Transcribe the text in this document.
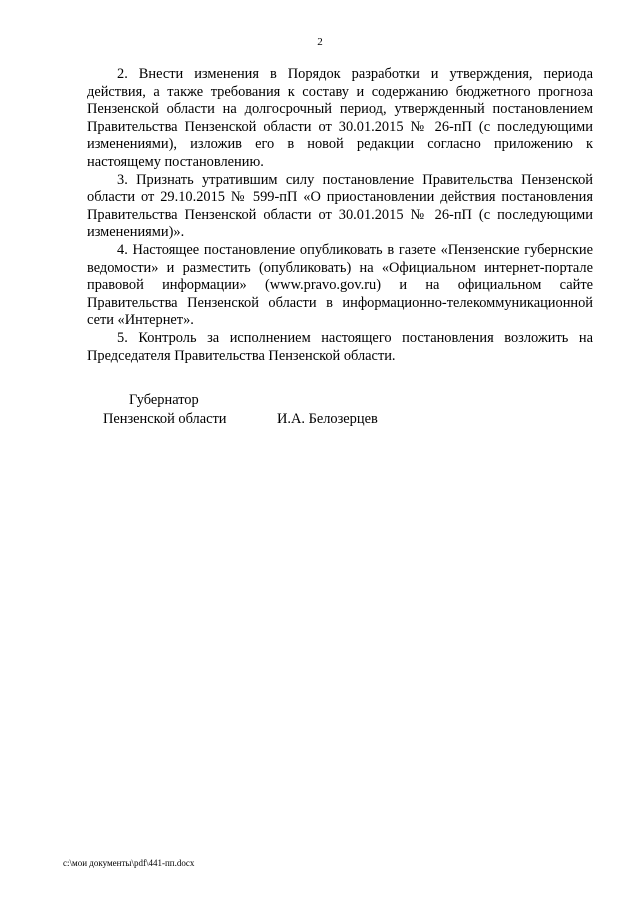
2

2. Внести изменения в Порядок разработки и утверждения, периода действия, а также требования к составу и содержанию бюджетного прогноза Пензенской области на долгосрочный период, утвержденный постановлением Правительства Пензенской области от 30.01.2015 № 26-пП (с последующими изменениями), изложив его в новой редакции согласно приложению к настоящему постановлению.

3. Признать утратившим силу постановление Правительства Пензенской области от 29.10.2015 № 599-пП «О приостановлении действия постановления Правительства Пензенской области от 30.01.2015 № 26-пП (с последующими изменениями)».

4. Настоящее постановление опубликовать в газете «Пензенские губернские ведомости» и разместить (опубликовать) на «Официальном интернет-портале правовой информации» (www.pravo.gov.ru) и на официальном сайте Правительства Пензенской области в информационно-телекоммуникационной сети «Интернет».

5. Контроль за исполнением настоящего постановления возложить на Председателя Правительства Пензенской области.

Губернатор
Пензенской области	И.А. Белозерцев
c:\мои документы\pdf\441-пп.docx
